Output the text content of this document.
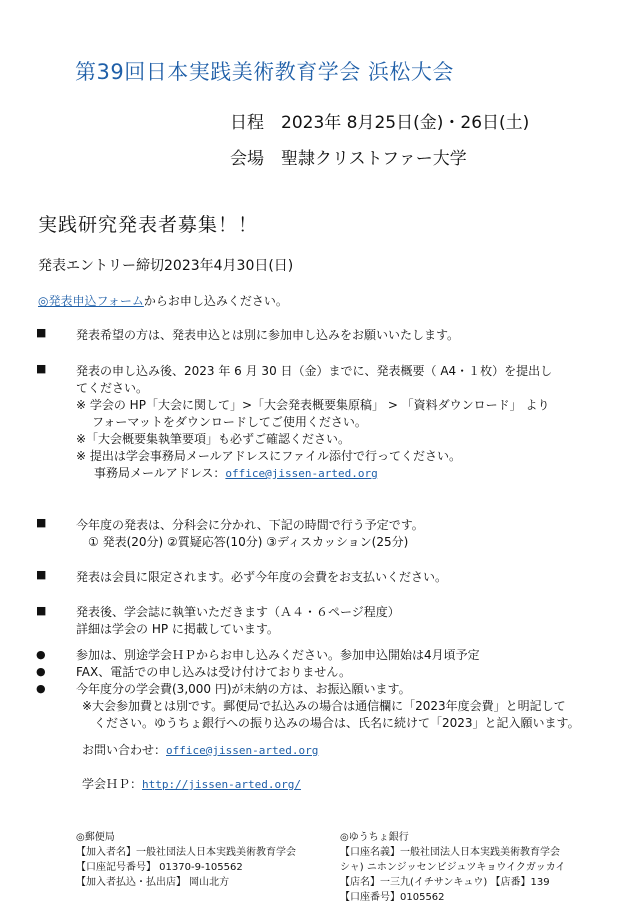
第39回日本実践美術教育学会 浜松大会
日程　2023年 8月25日(金)・26日(土)
会場　聖隷クリストファー大学
実践研究発表者募集！！
発表エントリー締切2023年4月30日(日)
◎発表申込フォームからお申し込みください。
■ 発表希望の方は、発表申込とは別に参加申し込みをお願いいたします。
■ 発表の申し込み後、2023 年 6 月 30 日（金）までに、発表概要（ A4・１枚）を提出し
てください。
※ 学会の HP「大会に関して」>「大会発表概要集原稿」 > 「資料ダウンロード」 より
フォーマットをダウンロードしてご使用ください。
※「大会概要集執筆要項」も必ずご確認ください。
※ 提出は学会事務局メールアドレスにファイル添付で行ってください。
事務局メールアドレス：office@jissen-arted.org
■ 今年度の発表は、分科会に分かれ、下記の時間で行う予定です。
① 発表(20分) ②質疑応答(10分) ③ディスカッション(25分)
■ 発表は会員に限定されます。必ず今年度の会費をお支払いください。
■ 発表後、学会誌に執筆いただきます（Ａ４・６ページ程度）
詳細は学会の HP に掲載しています。
●	参加は、別途学会ＨＰからお申し込みください。参加申込開始は4月頃予定
●	FAX、電話での申し込みは受け付けておりません。
●	今年度分の学会費(3,000 円)が未納の方は、お振込願います。
※大会参加費とは別です。郵便局で払込みの場合は通信欄に「2023年度会費」と明記して
ください。ゆうちょ銀行への振り込みの場合は、氏名に続けて「2023」と記入願います。
お問い合わせ：office@jissen-arted.org
学会ＨＰ：http://jissen-arted.org/
◎郵便局
【加入者名】一般社団法人日本実践美術教育学会
【口座記号番号】 01370-9-105562
【加入者払込・払出店】 岡山北方
◎ゆうちょ銀行
【口座名義】一般社団法人日本実践美術教育学会
シャ) ニホンジッセンビジュツキョウイクガッカイ
【店名】一三九(イチサンキュウ) 【店番】139
【口座番号】0105562
